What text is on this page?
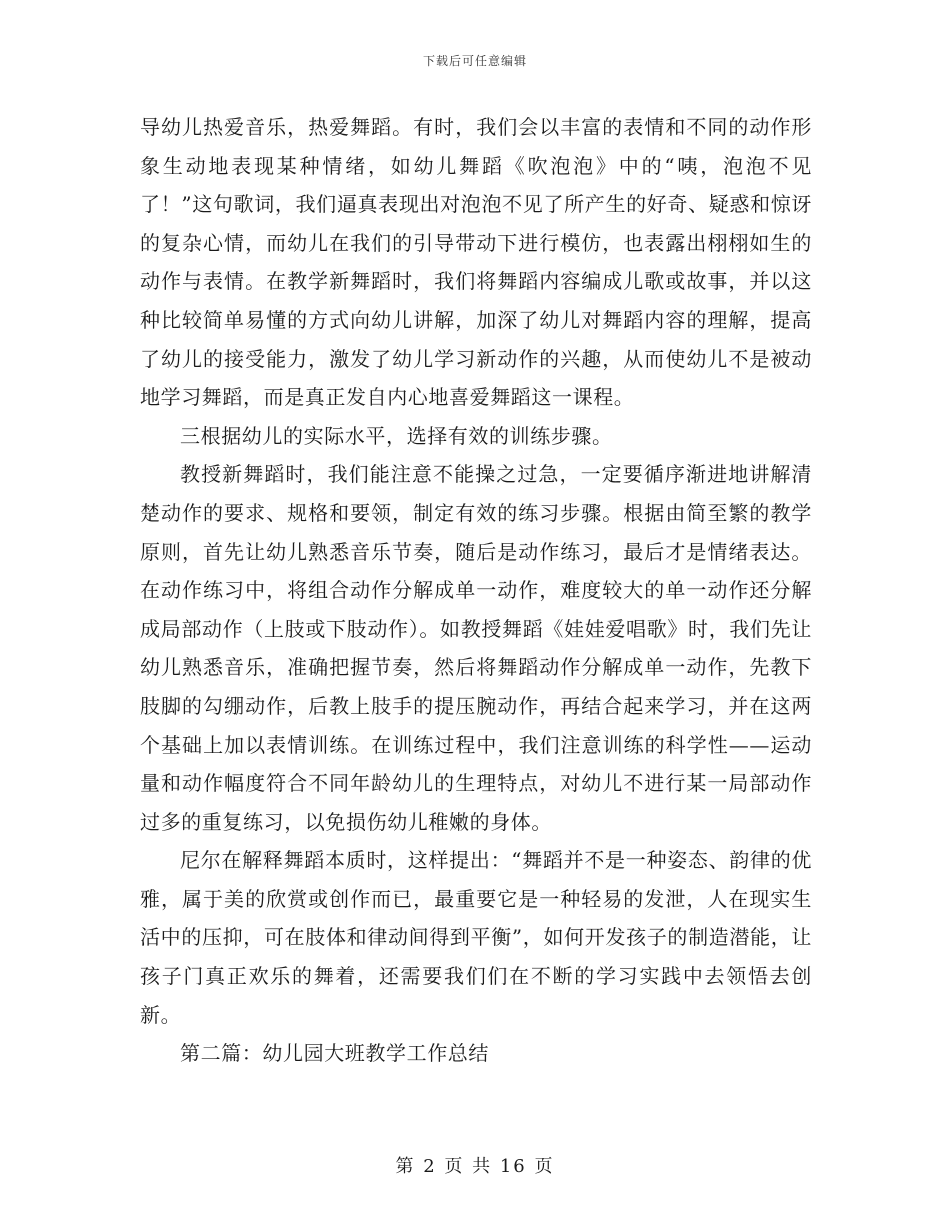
下载后可任意编辑

导幼儿热爱音乐，热爱舞蹈。有时，我们会以丰富的表情和不同的动作形象生动地表现某种情绪，如幼儿舞蹈《吹泡泡》中的“咦，泡泡不见了！”这句歌词，我们逼真表现出对泡泡不见了所产生的好奇、疑惑和惊讶的复杂心情，而幼儿在我们的引导带动下进行模仿，也表露出栩栩如生的动作与表情。在教学新舞蹈时，我们将舞蹈内容编成儿歌或故事，并以这种比较简单易懂的方式向幼儿讲解，加深了幼儿对舞蹈内容的理解，提高了幼儿的接受能力，激发了幼儿学习新动作的兴趣，从而使幼儿不是被动地学习舞蹈，而是真正发自内心地喜爱舞蹈这一课程。

三根据幼儿的实际水平，选择有效的训练步骤。

教授新舞蹈时，我们能注意不能操之过急，一定要循序渐进地讲解清楚动作的要求、规格和要领，制定有效的练习步骤。根据由简至繁的教学原则，首先让幼儿熟悉音乐节奏，随后是动作练习，最后才是情绪表达。在动作练习中，将组合动作分解成单一动作，难度较大的单一动作还分解成局部动作（上肢或下肢动作）。如教授舞蹈《娃娃爱唱歌》时，我们先让幼儿熟悉音乐，准确把握节奏，然后将舞蹈动作分解成单一动作，先教下肢脚的勾绷动作，后教上肢手的提压腕动作，再结合起来学习，并在这两个基础上加以表情训练。在训练过程中，我们注意训练的科学性——运动量和动作幅度符合不同年龄幼儿的生理特点，对幼儿不进行某一局部动作过多的重复练习，以免损伤幼儿稚嫩的身体。

尼尔在解释舞蹈本质时，这样提出：“舞蹈并不是一种姿态、韵律的优雅，属于美的欣赏或创作而已，最重要它是一种轻易的发泄，人在现实生活中的压抑，可在肢体和律动间得到平衡”，如何开发孩子的制造潜能，让孩子门真正欢乐的舞着，还需要我们们在不断的学习实践中去领悟去创新。

第二篇：幼儿园大班教学工作总结

第 2 页 共 16 页
